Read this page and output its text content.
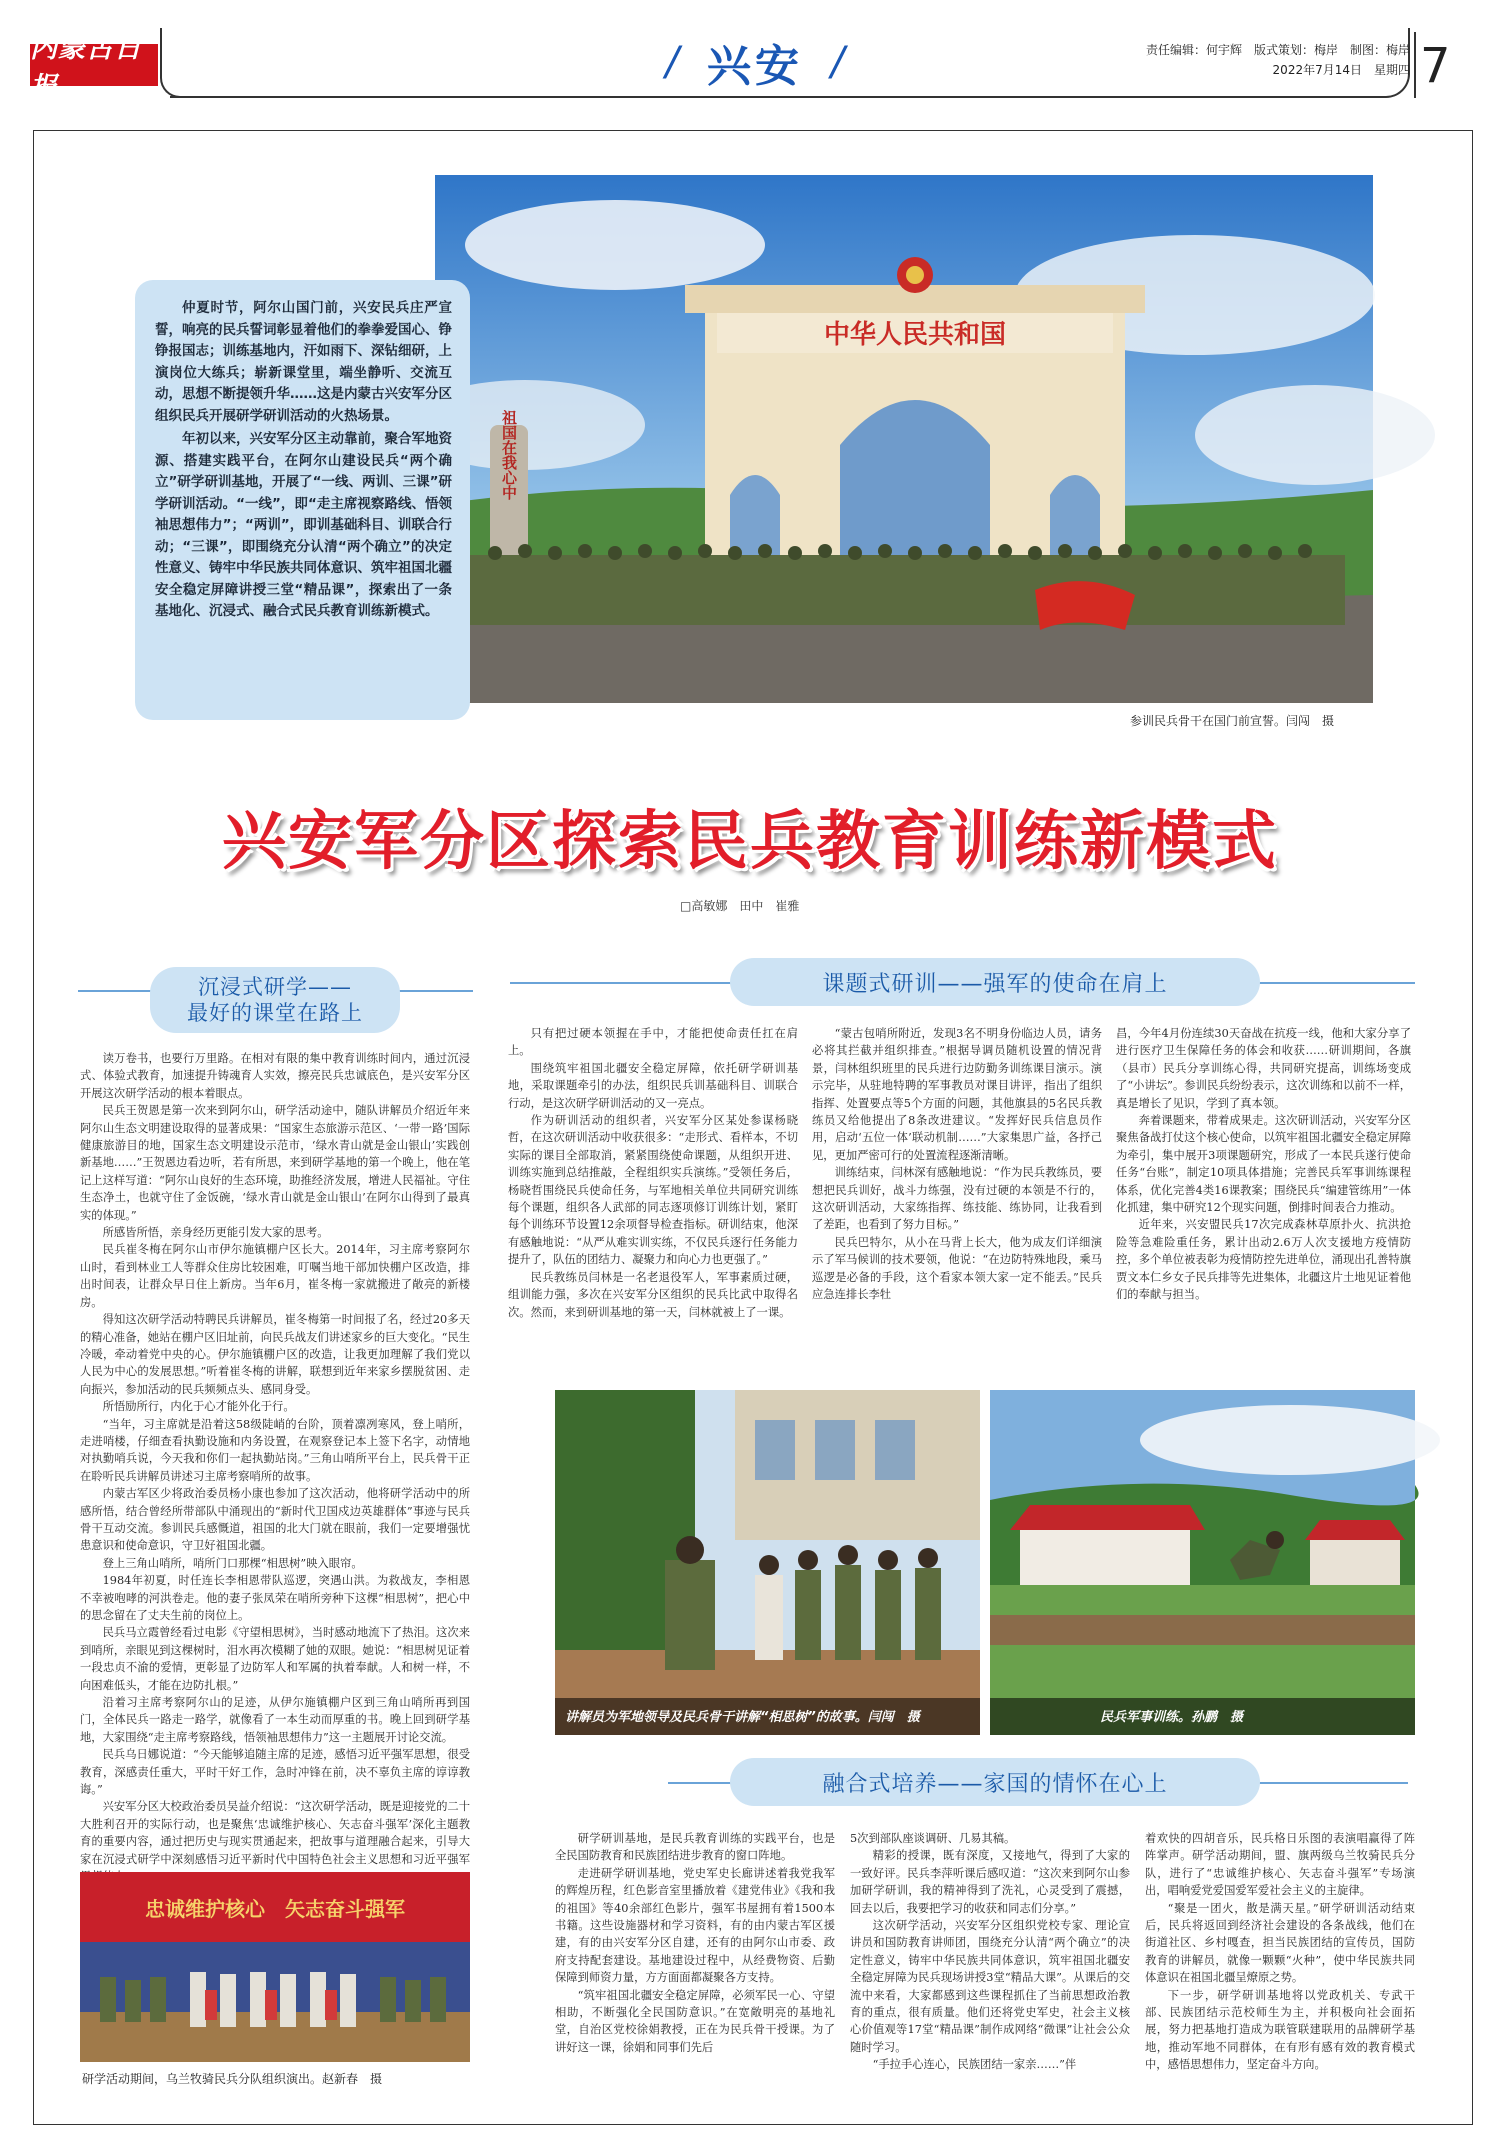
内蒙古日报
/ 兴安 /	责任编辑：何宇辉　版式策划：梅岸　制图：梅岸
2022年7月14日　星期四 7
中华人民共和国
祖国在我心中
参训民兵骨干在国门前宣誓。闫闯　摄

仲夏时节，阿尔山国门前，兴安民兵庄严宣誓，响亮的民兵誓词彰显着他们的拳拳爱国心、铮铮报国志；训练基地内，汗如雨下、深钻细研，上演岗位大练兵；崭新课堂里，端坐静听、交流互动，思想不断提领升华……这是内蒙古兴安军分区组织民兵开展研学研训活动的火热场景。

年初以来，兴安军分区主动靠前，聚合军地资源、搭建实践平台，在阿尔山建设民兵“两个确立”研学研训基地，开展了“一线、两训、三课”研学研训活动。“一线”，即“走主席视察路线、悟领袖思想伟力”；“两训”，即训基础科目、训联合行动；“三课”，即围绕充分认清“两个确立”的决定性意义、铸牢中华民族共同体意识、筑牢祖国北疆安全稳定屏障讲授三堂“精品课”，探索出了一条基地化、沉浸式、融合式民兵教育训练新模式。

兴安军分区探索民兵教育训练新模式
□高敏娜　田中　崔雅
沉浸式研学——
最好的课堂在路上
课题式研训——强军的使命在肩上

读万卷书，也要行万里路。在相对有限的集中教育训练时间内，通过沉浸式、体验式教育，加速提升铸魂育人实效，擦亮民兵忠诚底色，是兴安军分区开展这次研学活动的根本着眼点。

民兵王贺恩是第一次来到阿尔山，研学活动途中，随队讲解员介绍近年来阿尔山生态文明建设取得的显著成果：“国家生态旅游示范区、‘一带一路’国际健康旅游目的地，国家生态文明建设示范市，‘绿水青山就是金山银山’实践创新基地……”王贺恩边看边听，若有所思，来到研学基地的第一个晚上，他在笔记上这样写道：“阿尔山良好的生态环境，助推经济发展，增进人民福祉。守住生态净土，也就守住了金饭碗，‘绿水青山就是金山银山’在阿尔山得到了最真实的体现。”

所感皆所悟，亲身经历更能引发大家的思考。

民兵崔冬梅在阿尔山市伊尔施镇棚户区长大。2014年，习主席考察阿尔山时，看到林业工人等群众住房比较困难，叮嘱当地干部加快棚户区改造，排出时间表，让群众早日住上新房。当年6月，崔冬梅一家就搬进了敞亮的新楼房。

得知这次研学活动特聘民兵讲解员，崔冬梅第一时间报了名，经过20多天的精心准备，她站在棚户区旧址前，向民兵战友们讲述家乡的巨大变化。“民生冷暖，牵动着党中央的心。伊尔施镇棚户区的改造，让我更加理解了我们党以人民为中心的发展思想。”听着崔冬梅的讲解，联想到近年来家乡摆脱贫困、走向振兴，参加活动的民兵频频点头、感同身受。

所悟励所行，内化于心才能外化于行。

“当年，习主席就是沿着这58级陡峭的台阶，顶着凛冽寒风，登上哨所，走进哨楼，仔细查看执勤设施和内务设置，在观察登记本上签下名字，动情地对执勤哨兵说，今天我和你们一起执勤站岗。”三角山哨所平台上，民兵骨干正在聆听民兵讲解员讲述习主席考察哨所的故事。

内蒙古军区少将政治委员杨小康也参加了这次活动，他将研学活动中的所感所悟，结合曾经所带部队中涌现出的“新时代卫国戍边英雄群体”事迹与民兵骨干互动交流。参训民兵感慨道，祖国的北大门就在眼前，我们一定要增强忧患意识和使命意识，守卫好祖国北疆。

登上三角山哨所，哨所门口那棵“相思树”映入眼帘。

1984年初夏，时任连长李相恩带队巡逻，突遇山洪。为救战友，李相恩不幸被咆哮的河洪卷走。他的妻子张凤荣在哨所旁种下这棵“相思树”，把心中的思念留在了丈夫生前的岗位上。

民兵马立霞曾经看过电影《守望相思树》，当时感动地流下了热泪。这次来到哨所，亲眼见到这棵树时，泪水再次模糊了她的双眼。她说：“相思树见证着一段忠贞不渝的爱情，更彰显了边防军人和军属的执着奉献。人和树一样，不向困难低头，才能在边防扎根。”

沿着习主席考察阿尔山的足迹，从伊尔施镇棚户区到三角山哨所再到国门，全体民兵一路走一路学，就像看了一本生动而厚重的书。晚上回到研学基地，大家围绕“走主席考察路线，悟领袖思想伟力”这一主题展开讨论交流。

民兵乌日娜说道：“今天能够追随主席的足迹，感悟习近平强军思想，很受教育，深感责任重大，平时干好工作，急时冲锋在前，决不辜负主席的谆谆教诲。”

兴安军分区大校政治委员吴益介绍说：“这次研学活动，既是迎接党的二十大胜利召开的实际行动，也是聚焦‘忠诚维护核心、矢志奋斗强军’深化主题教育的重要内容，通过把历史与现实贯通起来，把故事与道理融合起来，引导大家在沉浸式研学中深刻感悟习近平新时代中国特色社会主义思想和习近平强军

只有把过硬本领握在手中，才能把使命责任扛在肩上。

围绕筑牢祖国北疆安全稳定屏障，依托研学研训基地，采取课题牵引的办法，组织民兵训基础科目、训联合行动，是这次研学研训活动的又一亮点。

作为研训活动的组织者，兴安军分区某处参谋杨晓哲，在这次研训活动中收获很多：“走形式、看样本，不切实际的课目全部取消，紧紧围绕使命课题，从组织开进、训练实施到总结推敲，全程组织实兵演练。”受领任务后，杨晓哲围绕民兵使命任务，与军地相关单位共同研究训练每个课题，组织各人武部的同志逐项修订训练计划，紧盯每个训练环节设置12余项督导检查指标。研训结束，他深有感触地说：“从严从难实训实练，不仅民兵逐行任务能力提升了，队伍的团结力、凝聚力和向心力也更强了。”

民兵教练员闫林是一名老退役军人，军事素质过硬，组训能力强，多次在兴安军分区组织的民兵比武中取得名次。然而，来到研训基地的第一天，闫林就被上了一课。

“蒙古包哨所附近，发现3名不明身份临边人员，请务必将其拦截并组织排查。”根据导调员随机设置的情况背景，闫林组织班里的民兵进行边防勤务训练课目演示。演示完毕，从驻地特聘的军事教员对课目讲评，指出了组织指挥、处置要点等5个方面的问题，其他旗县的5名民兵教练员又给他提出了8条改进建议。“发挥好民兵信息员作用，启动‘五位一体’联动机制……”大家集思广益，各抒己见，更加严密可行的处置流程逐渐清晰。

训练结束，闫林深有感触地说：“作为民兵教练员，要想把民兵训好，战斗力练强，没有过硬的本领是不行的，这次研训活动，大家练指挥、练技能、练协同，让我看到了差距，也看到了努力目标。”

民兵巴特尔，从小在马背上长大，他为成友们详细演示了军马候训的技术要领，他说：“在边防特殊地段，乘马巡逻是必备的手段，这个看家本领大家一定不能丢。”民兵应急连排长李牡

昌，今年4月份连续30天奋战在抗疫一线，他和大家分享了进行医疗卫生保障任务的体会和收获……研训期间，各旗（县市）民兵分享训练心得，共同研究提高，训练场变成了“小讲坛”。参训民兵纷纷表示，这次训练和以前不一样，真是增长了见识，学到了真本领。

奔着课题来，带着成果走。这次研训活动，兴安军分区聚焦备战打仗这个核心使命，以筑牢祖国北疆安全稳定屏障为牵引，集中展开3项课题研究，形成了一本民兵遂行使命任务“台账”，制定10项具体措施；完善民兵军事训练课程体系，优化完善4类16课教案；围绕民兵“编建管练用”一体化抓建，集中研究12个现实问题，倒排时间表合力推动。

近年来，兴安盟民兵17次完成森林草原扑火、抗洪抢险等急难险重任务，累计出动2.6万人次支援地方疫情防控，多个单位被表彰为疫情防控先进单位，涌现出孔善特旗贾文本仁乡女子民兵排等先进集体，北疆这片土地见证着他们的奉献与担当。

讲解员为军地领导及民兵骨干讲解“相思树”的故事。闫闯　摄	民兵军事训练。孙鹏　摄
融合式培养——家国的情怀在心上

研学研训基地，是民兵教育训练的实践平台，也是全民国防教育和民族团结进步教育的窗口阵地。

走进研学研训基地，党史军史长廊讲述着我党我军的辉煌历程，红色影音室里播放着《建党伟业》《我和我的祖国》等40余部红色影片，强军书屋拥有着1500本书籍。这些设施器材和学习资料，有的由内蒙古军区援建，有的由兴安军分区自建，还有的由阿尔山市委、政府支持配套建设。基地建设过程中，从经费物资、后勤保障到师资力量，方方面面都凝聚各方支持。

“筑牢祖国北疆安全稳定屏障，必须军民一心、守望相助，不断强化全民国防意识。”在宽敞明亮的基地礼堂，自治区党校徐娟教授，正在为民兵骨干授课。为了讲好这一课，徐娟和同事们先后

5次到部队座谈调研、几易其稿。

精彩的授课，既有深度，又接地气，得到了大家的一致好评。民兵李萍听课后感叹道：“这次来到阿尔山参加研学研训，我的精神得到了洗礼，心灵受到了震撼，回去以后，我要把学习的收获和同志们分享。”

这次研学活动，兴安军分区组织党校专家、理论宣讲员和国防教育讲师团，围绕充分认清“两个确立”的决定性意义，铸牢中华民族共同体意识，筑牢祖国北疆安全稳定屏障为民兵现场讲授3堂“精品大课”。从课后的交流中来看，大家都感到这些课程抓住了当前思想政治教育的重点，很有质量。他们还将党史军史，社会主义核心价值观等17堂“精品课”制作成网络“微课”让社会公众随时学习。

“手拉手心连心，民族团结一家亲……”伴

着欢快的四胡音乐，民兵格日乐图的表演唱赢得了阵阵掌声。研学活动期间，盟、旗两级乌兰牧骑民兵分队，进行了“忠诚维护核心、矢志奋斗强军”专场演出，唱响爱党爱国爱军爱社会主义的主旋律。

“聚是一团火，散是满天星。”研学研训活动结束后，民兵将返回到经济社会建设的各条战线，他们在街道社区、乡村嘎查，担当民族团结的宣传员，国防教育的讲解员，就像一颗颗“火种”，使中华民族共同体意识在祖国北疆呈燎原之势。

下一步，研学研训基地将以党政机关、专武干部、民族团结示范校师生为主，并积极向社会面拓展，努力把基地打造成为联管联建联用的品牌研学基地，推动军地不同群体，在有形有感有效的教育模式中，感悟思想伟力，坚定奋斗方向。

忠诚维护核心　矢志奋斗强军
研学活动期间，乌兰牧骑民兵分队组织演出。赵新春　摄
